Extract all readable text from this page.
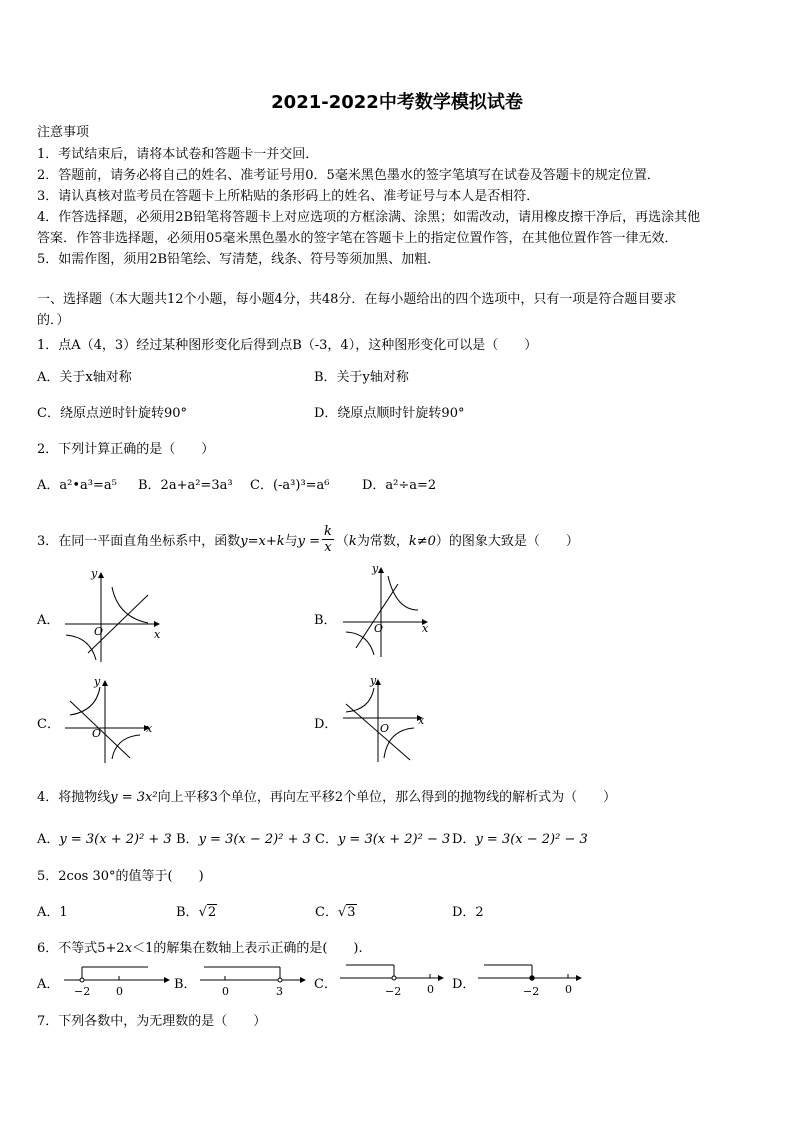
2021-2022中考数学模拟试卷
注意事项
1．考试结束后，请将本试卷和答题卡一并交回．
2．答题前，请务必将自己的姓名、准考证号用0．5毫米黑色墨水的签字笔填写在试卷及答题卡的规定位置．
3．请认真核对监考员在答题卡上所粘贴的条形码上的姓名、准考证号与本人是否相符．
4．作答选择题，必须用2B铅笔将答题卡上对应选项的方框涂满、涂黑；如需改动，请用橡皮擦干净后，再选涂其他
答案．作答非选择题，必须用05毫米黑色墨水的签字笔在答题卡上的指定位置作答，在其他位置作答一律无效．
5．如需作图，须用2B铅笔绘、写清楚，线条、符号等须加黑、加粗．
一、选择题（本大题共12个小题，每小题4分，共48分．在每小题给出的四个选项中，只有一项是符合题目要求
的．）
1．点A（4，3）经过某种图形变化后得到点B（-3，4），这种图形变化可以是（　　）
A．关于x轴对称	B．关于y轴对称
C．绕原点逆时针旋转90°	D．绕原点顺时针旋转90°
2．下列计算正确的是（　　）
A．a²•a³=a⁵ B．2a+a²=3a³ C．(-a³)³=a⁶ D．a²÷a=2
3．在同一平面直角坐标系中，函数y=x+k与$y = \frac{k}{x} (k$为常数，k≠0）的图象大致是（　　）
A．	B．
C．	D．
x
y
O	x
y
O
x
y
O
x
y
O
4．将抛物线y = 3x²向上平移3个单位，再向左平移2个单位，那么得到的抛物线的解析式为（　　）
A．y = 3(x + 2)² + 3 B．y = 3(x − 2)² + 3 C．y = 3(x + 2)² − 3 D．y = 3(x − 2)² − 3
5．2cos 30°的值等于(　　)
A．1	B．√2	C．√3	D．2
6．不等式5+2x＜1的解集在数轴上表示正确的是(　　).
A． −2 0	B． 0	3 C．	−2 0 D．	−2 0
7．下列各数中，为无理数的是（　　）
